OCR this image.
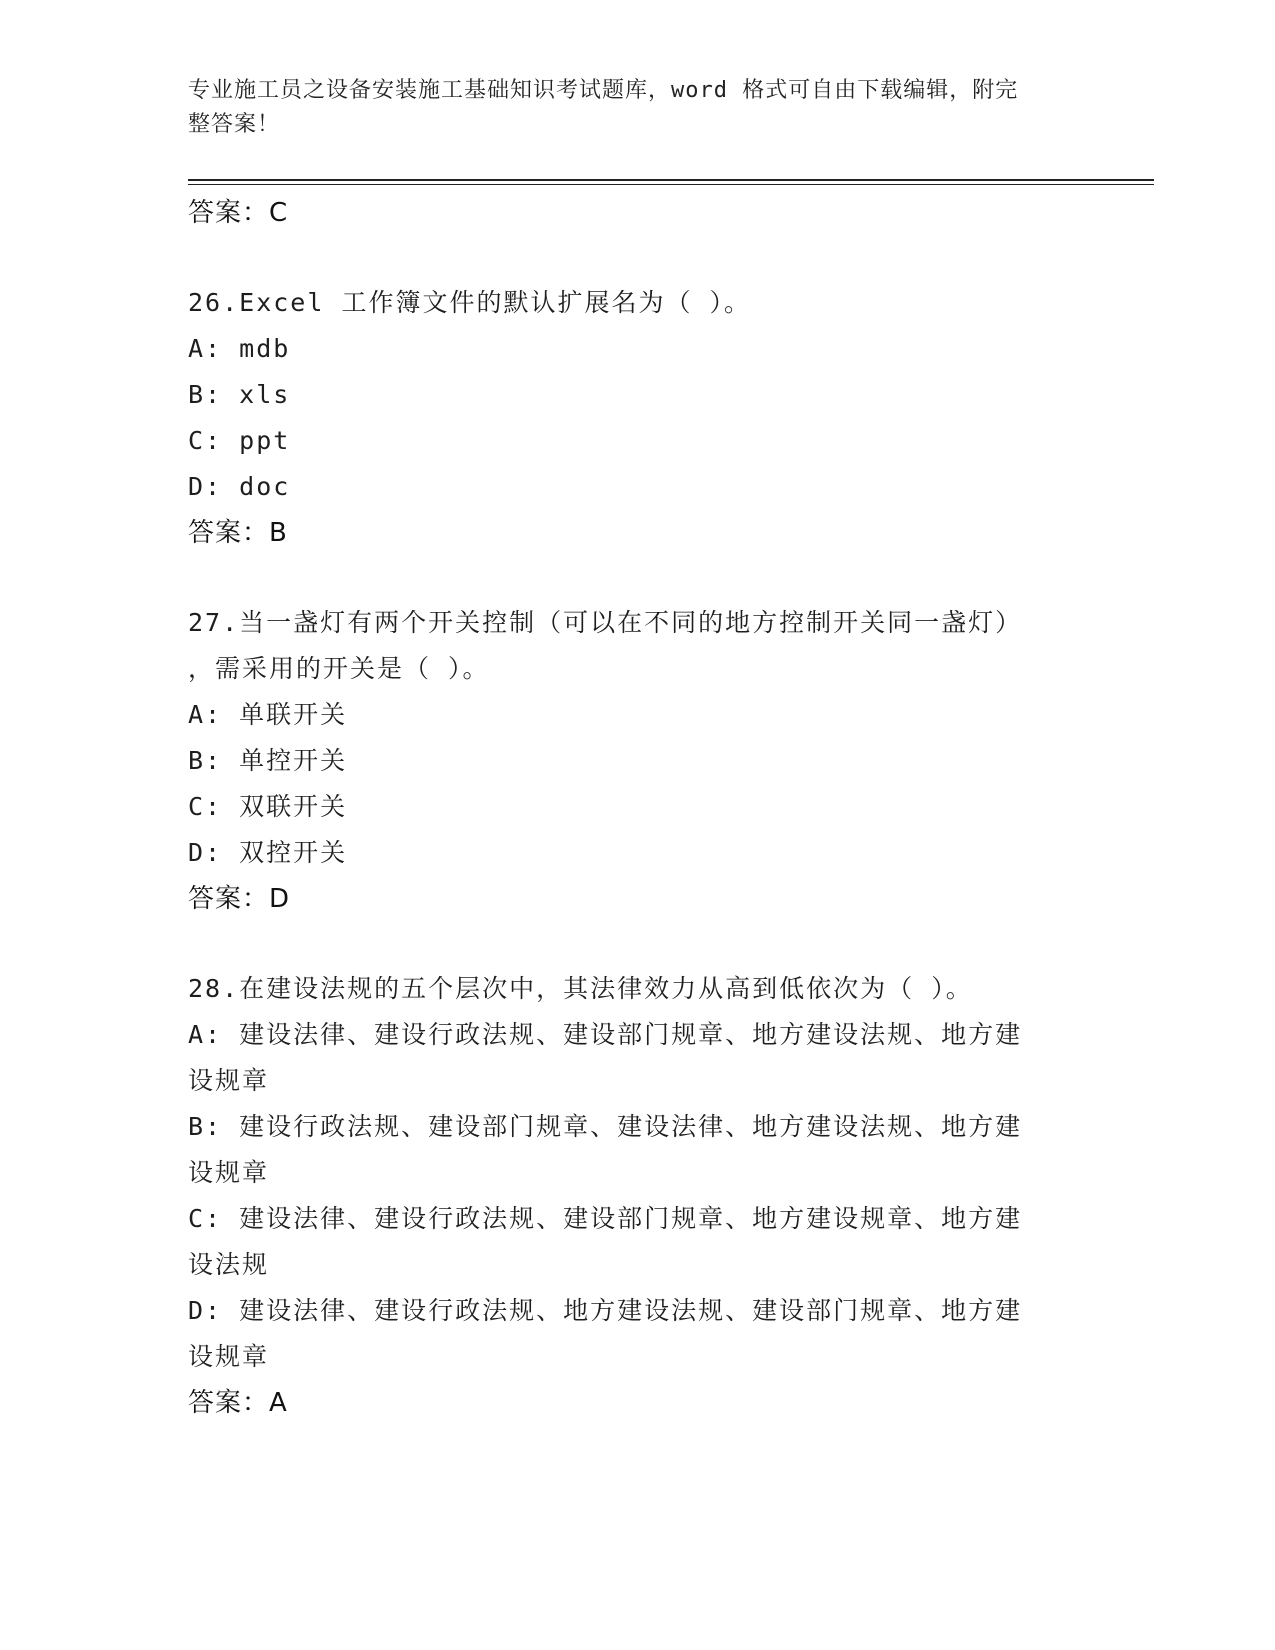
专业施工员之设备安装施工基础知识考试题库，word 格式可自由下载编辑，附完
整答案！
答案：C
26.Excel 工作簿文件的默认扩展名为（ ）。
A: mdb
B: xls
C: ppt
D: doc
答案：B
27.当一盏灯有两个开关控制（可以在不同的地方控制开关同一盏灯）
，需采用的开关是（ ）。
A: 单联开关
B: 单控开关
C: 双联开关
D: 双控开关
答案：D
28.在建设法规的五个层次中，其法律效力从高到低依次为（ ）。
A: 建设法律、建设行政法规、建设部门规章、地方建设法规、地方建
设规章
B: 建设行政法规、建设部门规章、建设法律、地方建设法规、地方建
设规章
C: 建设法律、建设行政法规、建设部门规章、地方建设规章、地方建
设法规
D: 建设法律、建设行政法规、地方建设法规、建设部门规章、地方建
设规章
答案：A
